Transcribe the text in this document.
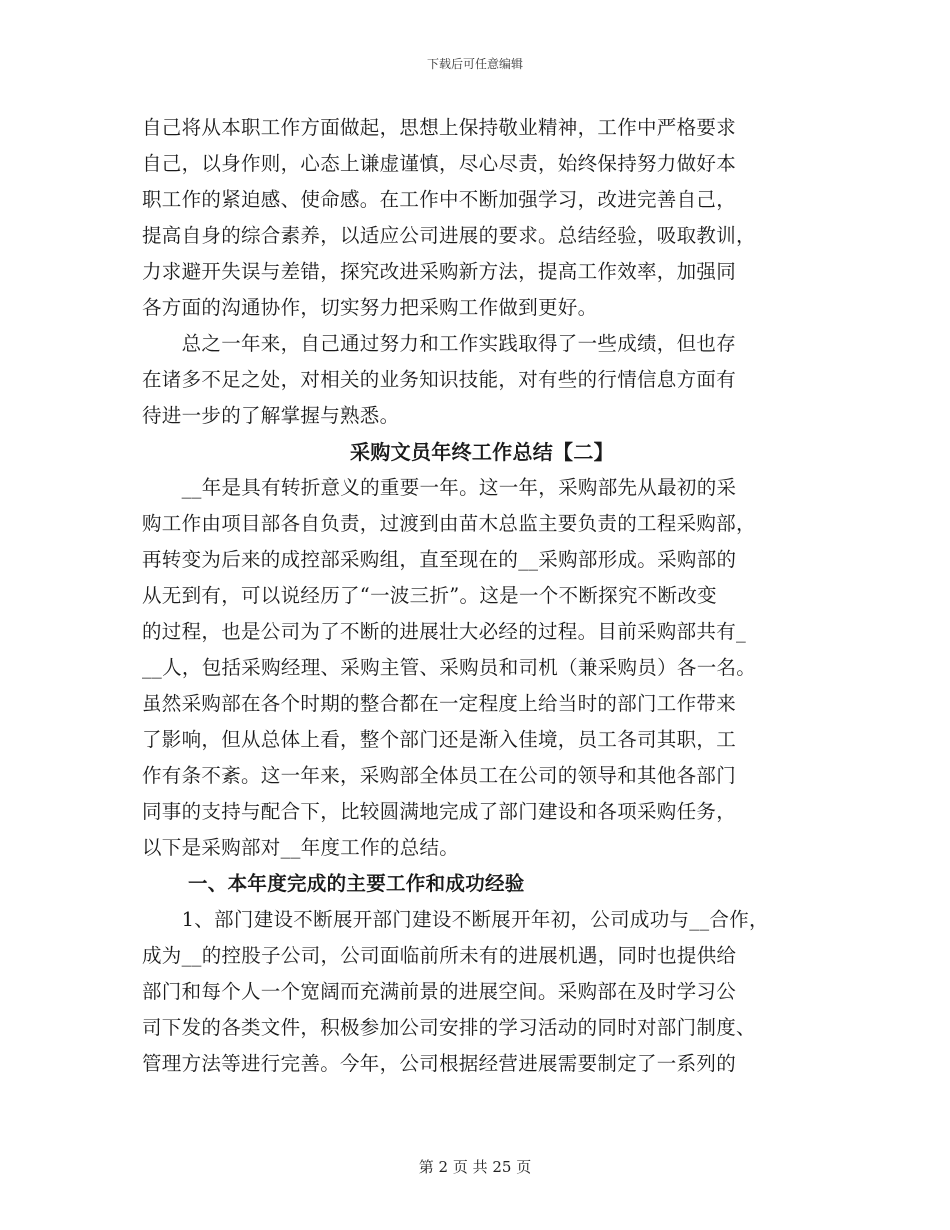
下载后可任意编辑
自己将从本职工作方面做起，思想上保持敬业精神，工作中严格要求
自己，以身作则，心态上谦虚谨慎，尽心尽责，始终保持努力做好本
职工作的紧迫感、使命感。在工作中不断加强学习，改进完善自己，
提高自身的综合素养，以适应公司进展的要求。总结经验，吸取教训，
力求避开失误与差错，探究改进采购新方法，提高工作效率，加强同
各方面的沟通协作，切实努力把采购工作做到更好。
　　总之一年来，自己通过努力和工作实践取得了一些成绩，但也存
在诸多不足之处，对相关的业务知识技能，对有些的行情信息方面有
待进一步的了解掌握与熟悉。
采购文员年终工作总结【二】
　　__年是具有转折意义的重要一年。这一年，采购部先从最初的采
购工作由项目部各自负责，过渡到由苗木总监主要负责的工程采购部，
再转变为后来的成控部采购组，直至现在的__采购部形成。采购部的
从无到有，可以说经历了“一波三折”。这是一个不断探究不断改变
的过程，也是公司为了不断的进展壮大必经的过程。目前采购部共有_
__人，包括采购经理、采购主管、采购员和司机（兼采购员）各一名。
虽然采购部在各个时期的整合都在一定程度上给当时的部门工作带来
了影响，但从总体上看，整个部门还是渐入佳境，员工各司其职，工
作有条不紊。这一年来，采购部全体员工在公司的领导和其他各部门
同事的支持与配合下，比较圆满地完成了部门建设和各项采购任务，
以下是采购部对__年度工作的总结。
一、本年度完成的主要工作和成功经验
　　1、部门建设不断展开部门建设不断展开年初，公司成功与__合作，
成为__的控股子公司，公司面临前所未有的进展机遇，同时也提供给
部门和每个人一个宽阔而充满前景的进展空间。采购部在及时学习公
司下发的各类文件，积极参加公司安排的学习活动的同时对部门制度、
管理方法等进行完善。今年，公司根据经营进展需要制定了一系列的
第 2 页 共 25 页
